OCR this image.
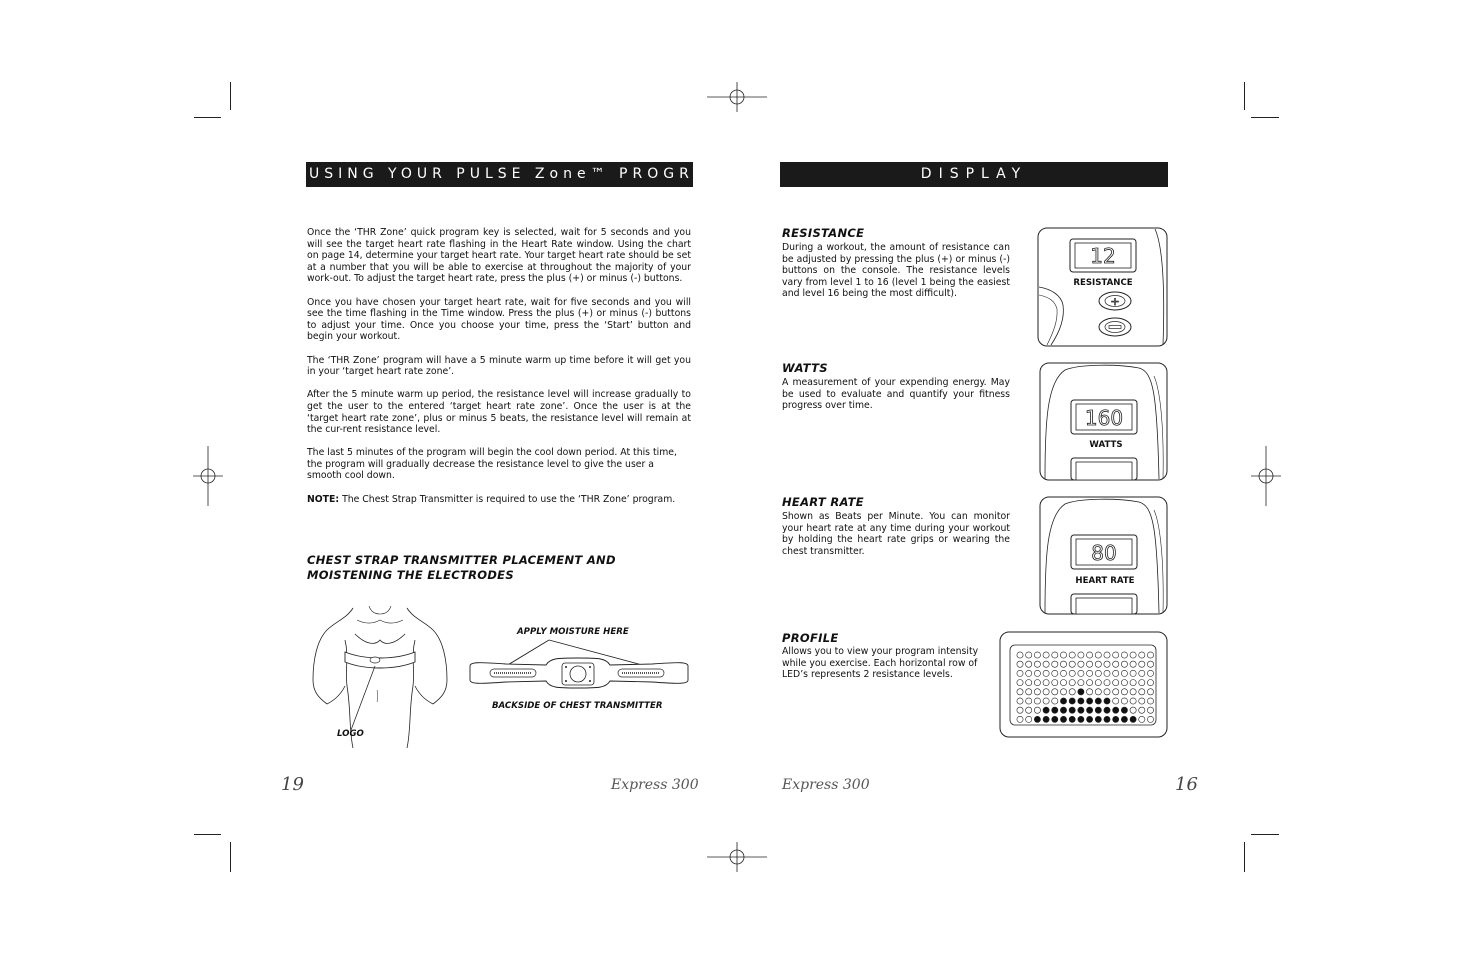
USING YOUR PULSE Zone™ PROGRAM

Once the ‘THR Zone’ quick program key is selected, wait for 5 seconds and you will see the target heart rate flashing in the Heart Rate window. Using the chart on page 14, determine your target heart rate. Your target heart rate should be set at a number that you will be able to exercise at throughout the majority of your work-out. To adjust the target heart rate, press the plus (+) or minus (-) buttons.

Once you have chosen your target heart rate, wait for five seconds and you will see the time flashing in the Time window. Press the plus (+) or minus (-) buttons to adjust your time. Once you choose your time, press the ‘Start’ button and begin your workout.

The ‘THR Zone’ program will have a 5 minute warm up time before it will get you in your ‘target heart rate zone’.

After the 5 minute warm up period, the resistance level will increase gradually to get the user to the entered ‘target heart rate zone’. Once the user is at the ‘target heart rate zone’, plus or minus 5 beats, the resistance level will remain at the cur-rent resistance level.

The last 5 minutes of the program will begin the cool down period. At this time, the program will gradually decrease the resistance level to give the user a smooth cool down.

NOTE: The Chest Strap Transmitter is required to use the ‘THR Zone’ program.

CHEST STRAP TRANSMITTER PLACEMENT AND
MOISTENING THE ELECTRODES
LOGO
APPLY MOISTURE HERE
BACKSIDE OF CHEST TRANSMITTER
19	Express 300
DISPLAY
RESISTANCE
During a workout, the amount of resistance can be adjusted by pressing the plus (+) or minus (-) buttons on the console. The resistance levels vary from level 1 to 16 (level 1 being the easiest and level 16 being the most difficult).
12
RESISTANCE
+
WATTS
A measurement of your expending energy. May be used to evaluate and quantify your fitness progress over time.
160
WATTS
HEART RATE
Shown as Beats per Minute. You can monitor your heart rate at any time during your workout by holding the heart rate grips or wearing the chest transmitter.	80
HEART RATE
PROFILE
Allows you to view your program intensity while you exercise. Each horizontal row of LED’s represents 2 resistance levels.
Express 300	16
